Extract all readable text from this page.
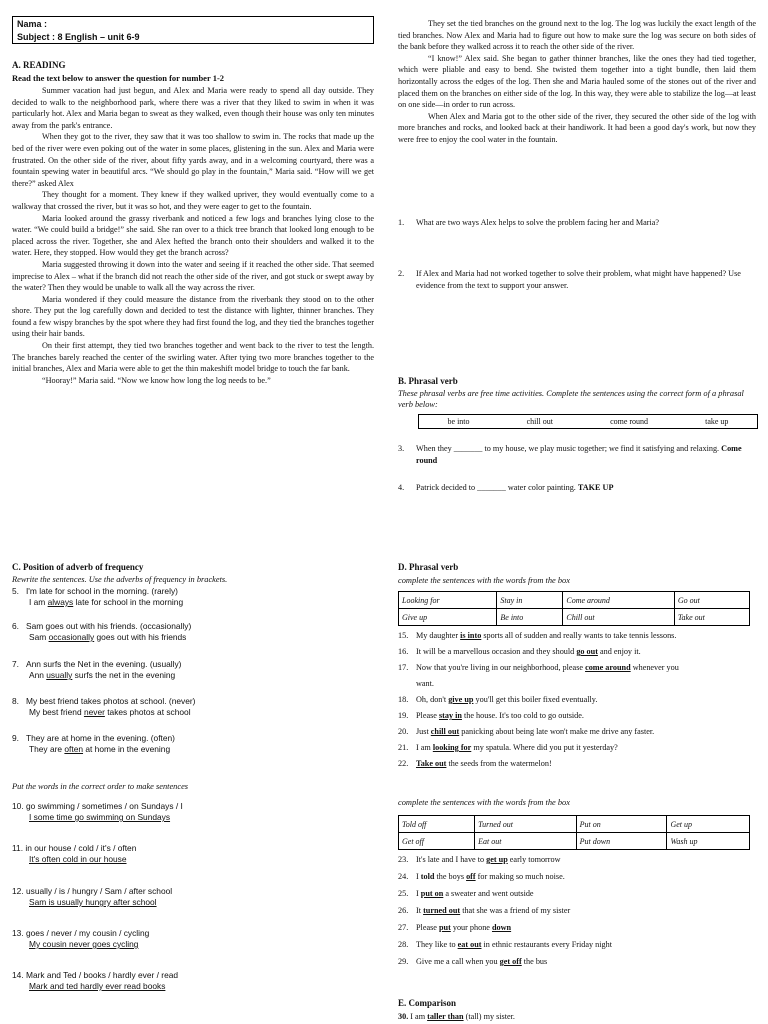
Nama :
Subject : 8 English – unit 6-9
A. READING
Read the text below to answer the question for number 1-2

Summer vacation had just begun, and Alex and Maria were ready to spend all day outside. They decided to walk to the neighborhood park, where there was a river that they liked to swim in when it was particularly hot. Alex and Maria began to sweat as they walked, even though their house was only ten minutes away from the park's entrance.

When they got to the river, they saw that it was too shallow to swim in. The rocks that made up the bed of the river were even poking out of the water in some places, glistening in the sun. Alex and Maria were frustrated. On the other side of the river, about fifty yards away, and in a welcoming courtyard, there was a fountain spewing water in beautiful arcs. “We should go play in the fountain,” Maria said. “How will we get there?” asked Alex

They thought for a moment. They knew if they walked upriver, they would eventually come to a walkway that crossed the river, but it was so hot, and they were eager to get to the fountain.

Maria looked around the grassy riverbank and noticed a few logs and branches lying close to the water. “We could build a bridge!” she said. She ran over to a thick tree branch that looked long enough to be placed across the river. Together, she and Alex hefted the branch onto their shoulders and walked it to the water. Here, they stopped. How would they get the branch across?

Maria suggested throwing it down into the water and seeing if it reached the other side. That seemed imprecise to Alex – what if the branch did not reach the other side of the river, and got stuck or swept away by the water? Then they would be unable to walk all the way across the river.

Maria wondered if they could measure the distance from the riverbank they stood on to the other shore. They put the log carefully down and decided to test the distance with lighter, thinner branches. They found a few wispy branches by the spot where they had first found the log, and they tied the branches together using their hair bands.

On their first attempt, they tied two branches together and went back to the river to test the length. The branches barely reached the center of the swirling water. After tying two more branches together to the initial branches, Alex and Maria were able to get the thin makeshift model bridge to touch the far bank.

“Hooray!” Maria said. “Now we know how long the log needs to be.”

C. Position of adverb of frequency
Rewrite the sentences. Use the adverbs of frequency in brackets.
5. I'm late for school in the morning. (rarely)
I am always late for school in the morning
6. Sam goes out with his friends. (occasionally)
Sam occasionally goes out with his friends
7. Ann surfs the Net in the evening. (usually)
Ann usually surfs the net in the evening
8. My best friend takes photos at school. (never)
My best friend never takes photos at school
9. They are at home in the evening. (often)
They are often at home in the evening
Put the words in the correct order to make sentences
10. go swimming / sometimes / on Sundays / I
I some time go swimming on Sundays
11. in our house / cold / it's / often
It's often cold in our house
12. usually / is / hungry / Sam / after school
Sam is usually hungry after school
13. goes / never / my cousin / cycling
My cousin never goes cycling
14. Mark and Ted / books / hardly ever / read
Mark and ted hardly ever read books

They set the tied branches on the ground next to the log. The log was luckily the exact length of the tied branches. Now Alex and Maria had to figure out how to make sure the log was secure on both sides of the bank before they walked across it to reach the other side of the river.

“I know!” Alex said. She began to gather thinner branches, like the ones they had tied together, which were pliable and easy to bend. She twisted them together into a tight bundle, then laid them horizontally across the edges of the log. Then she and Maria hauled some of the stones out of the river and placed them on the branches on either side of the log. In this way, they were able to stabilize the log—at least on one side—in order to run across.

When Alex and Maria got to the other side of the river, they secured the other side of the log with more branches and rocks, and looked back at their handiwork. It had been a good day's work, but now they were free to enjoy the cool water in the fountain.

1.	What are two ways Alex helps to solve the problem facing her and Maria?
2.	If Alex and Maria had not worked together to solve their problem, what might have happened? Use evidence from the text to support your answer.
B. Phrasal verb
These phrasal verbs are free time activities. Complete the sentences using the correct form of a phrasal verb below:
be into	chill out	come round	take up
3.	When they _______ to my house, we play music together; we find it satisfying and relaxing. Come round
4.	Patrick decided to _______ water color painting. TAKE UP
D. Phrasal verb
complete the sentences with the words from the box
Looking for	Stay in	Come around	Go out
Give up	Be into	Chill out	Take out
15. My daughter is into sports all of sudden and really wants to take tennis lessons.
16. It will be a marvellous occasion and they should go out and enjoy it.
17. Now that you're living in our neighborhood, please come around whenever you
want.
18. Oh, don't give up you'll get this boiler fixed eventually.
19. Please stay in the house. It's too cold to go outside.
20. Just chill out panicking about being late won't make me drive any faster.
21. I am looking for my spatula. Where did you put it yesterday?
22. Take out the seeds from the watermelon!
complete the sentences with the words from the box
Told off	Turned out	Put on	Get up
Get off	Eat out	Put down	Wash up
23. It's late and I have to get up early tomorrow
24. I told the boys off for making so much noise.
25. I put on a sweater and went outside
26. It turned out that she was a friend of my sister
27. Please put your phone down
28. They like to eat out in ethnic restaurants every Friday night
29. Give me a call when you get off the bus
E. Comparison
30. I am taller than (tall) my sister.
